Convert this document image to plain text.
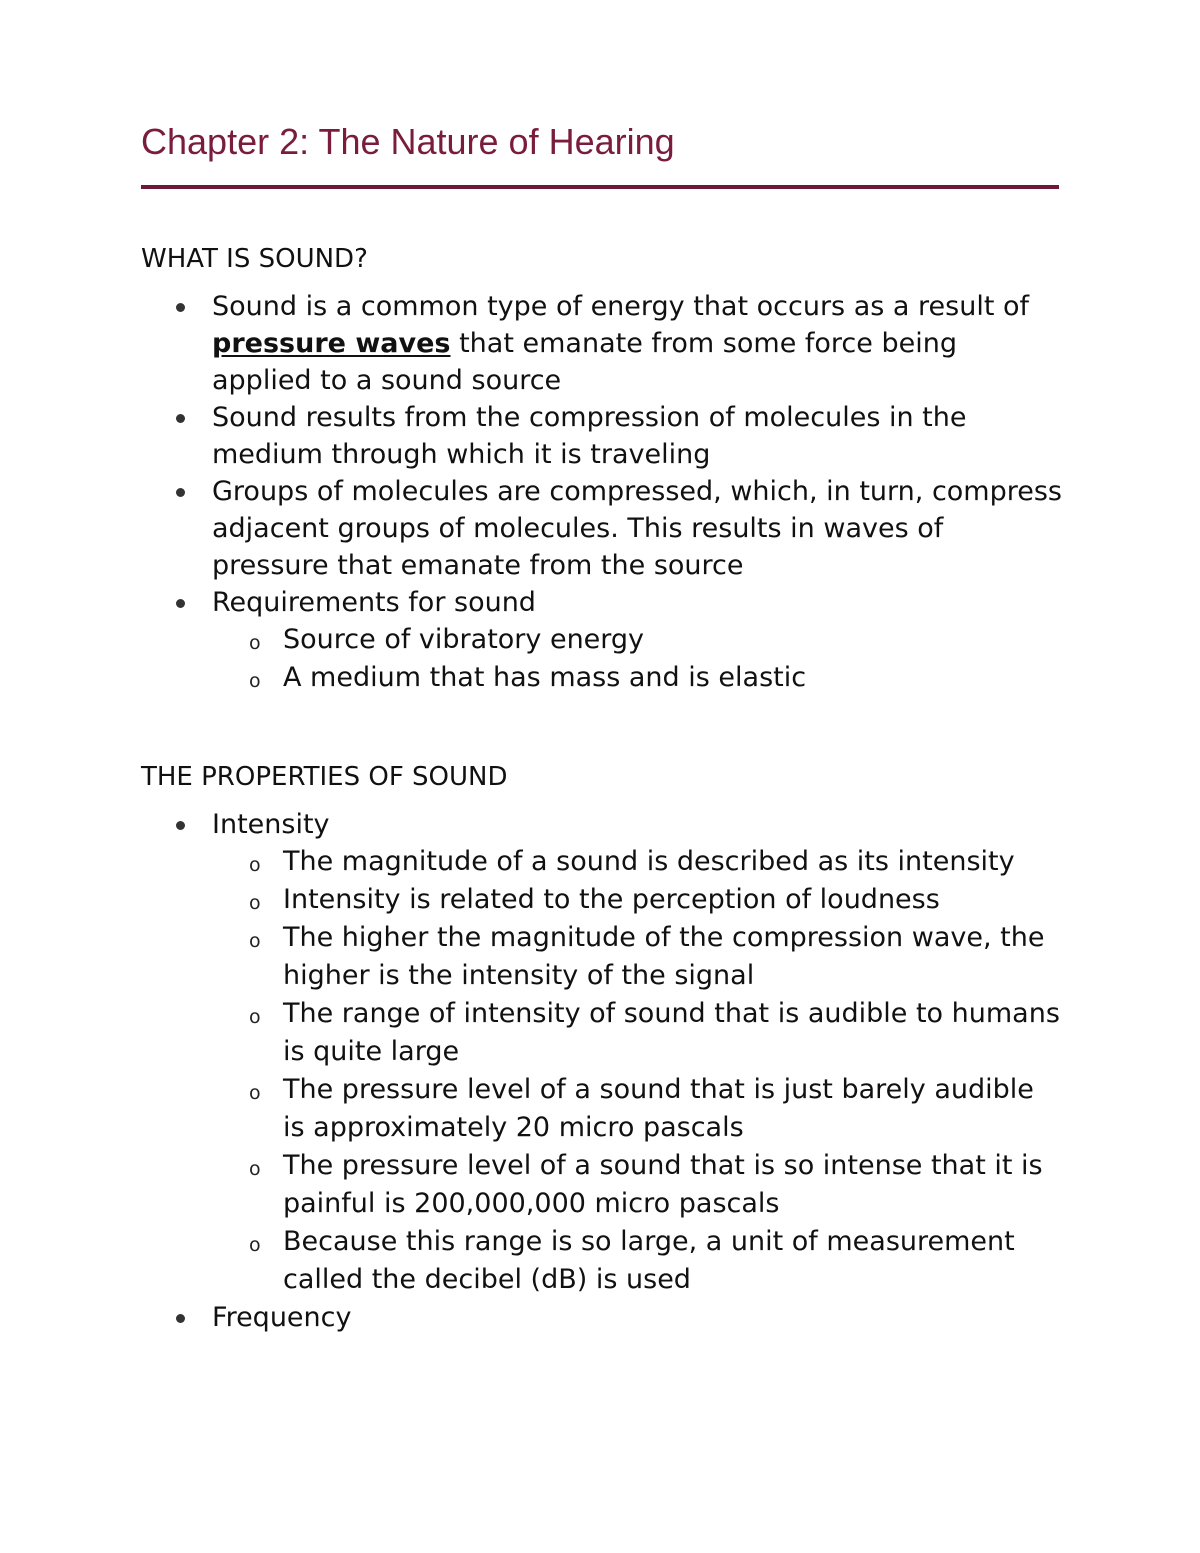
Chapter 2: The Nature of Hearing
WHAT IS SOUND?
Sound is a common type of energy that occurs as a result of pressure waves that emanate from some force being applied to a sound source
Sound results from the compression of molecules in the medium through which it is traveling
Groups of molecules are compressed, which, in turn, compress adjacent groups of molecules. This results in waves of pressure that emanate from the source
Requirements for sound
o Source of vibratory energy
o A medium that has mass and is elastic
THE PROPERTIES OF SOUND
Intensity
o The magnitude of a sound is described as its intensity
o Intensity is related to the perception of loudness
o The higher the magnitude of the compression wave, the higher is the intensity of the signal
o The range of intensity of sound that is audible to humans is quite large
o The pressure level of a sound that is just barely audible is approximately 20 micro pascals
o The pressure level of a sound that is so intense that it is painful is 200,000,000 micro pascals
o Because this range is so large, a unit of measurement called the decibel (dB) is used
Frequency
